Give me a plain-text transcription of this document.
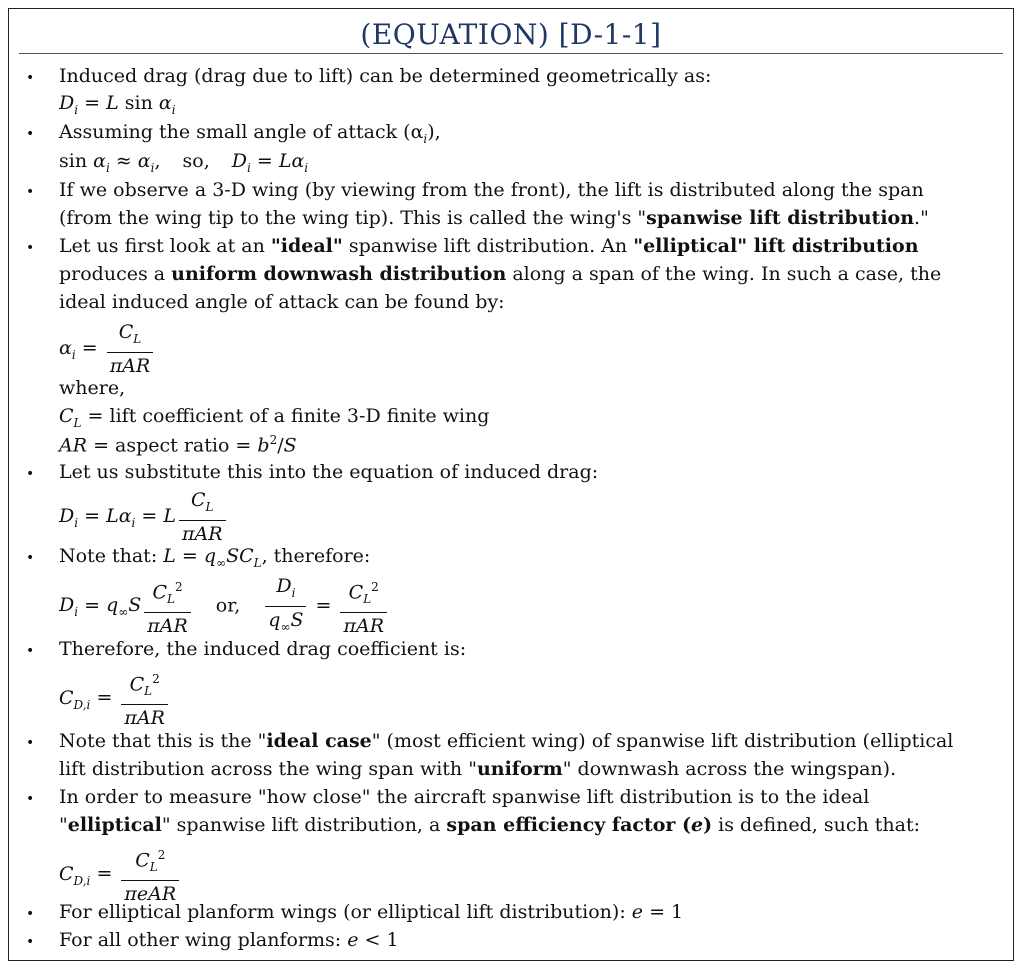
(EQUATION) [D-1-1]
• Induced drag (drag due to lift) can be determined geometrically as:
$D_i = L$ $\sin \alpha_i$
• Assuming the small angle of attack $(\alpha_i)$,
$\sin \alpha_i \approx \alpha_i$, so, $D_i = L\alpha_i$
• If we observe a 3-D wing (by viewing from the front), the lift is distributed along the span
(from the wing tip to the wing tip). This is called the wing's "spanwise lift distribution."
• Let us first look at an "ideal" spanwise lift distribution. An "elliptical" lift distribution
produces a uniform downwash distribution along a span of the wing. In such a case, the
ideal induced angle of attack can be found by:
$\alpha_i = \frac{C_L}{\text{πAR}}$
where,
$C_L$ = lift coefficient of a finite 3-D finite wing
AR = aspect ratio = $b^2/S$
• Let us substitute this into the equation of induced drag:
$D_i = L\alpha_i = L \frac{C_L}{\text{πAR}}$
• Note that: $L = q_\infty SC_L$, therefore:
$D_i = q_\infty S \frac{C_L^2}{\text{πAR}}$ or, $\frac{D_i}{q_\infty S} = \frac{C_L^2}{\text{πAR}}$
• Therefore, the induced drag coefficient is:
$C_{D,i} = \frac{C_L^2}{\text{πAR}}$
• Note that this is the "ideal case" (most efficient wing) of spanwise lift distribution (elliptical
lift distribution across the wing span with "uniform" downwash across the wingspan).
• In order to measure "how close" the aircraft spanwise lift distribution is to the ideal
"elliptical" spanwise lift distribution, a span efficiency factor (e) is defined, such that:
$C_{D,i} = \frac{C_L^2}{\text{πeAR}}$
• For elliptical planform wings (or elliptical lift distribution): e = 1
• For all other wing planforms: e < 1
